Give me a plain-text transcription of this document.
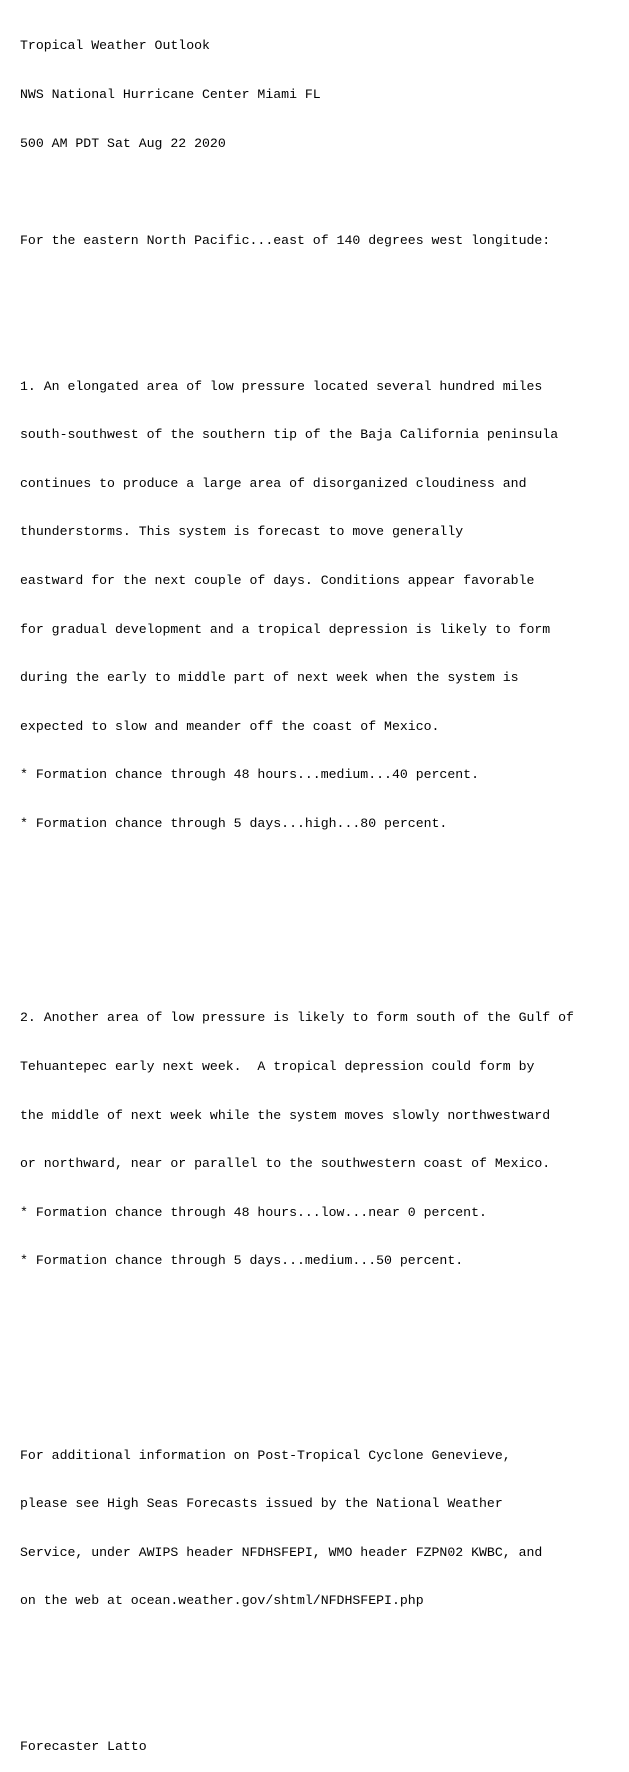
Tropical Weather Outlook

NWS National Hurricane Center Miami FL

500 AM PDT Sat Aug 22 2020

For the eastern North Pacific...east of 140 degrees west longitude:

1. An elongated area of low pressure located several hundred miles

south-southwest of the southern tip of the Baja California peninsula

continues to produce a large area of disorganized cloudiness and

thunderstorms. This system is forecast to move generally

eastward for the next couple of days. Conditions appear favorable

for gradual development and a tropical depression is likely to form

during the early to middle part of next week when the system is

expected to slow and meander off the coast of Mexico.

* Formation chance through 48 hours...medium...40 percent.

* Formation chance through 5 days...high...80 percent.

2. Another area of low pressure is likely to form south of the Gulf of

Tehuantepec early next week.  A tropical depression could form by

the middle of next week while the system moves slowly northwestward

or northward, near or parallel to the southwestern coast of Mexico.

* Formation chance through 48 hours...low...near 0 percent.

* Formation chance through 5 days...medium...50 percent.

For additional information on Post-Tropical Cyclone Genevieve,

please see High Seas Forecasts issued by the National Weather

Service, under AWIPS header NFDHSFEPI, WMO header FZPN02 KWBC, and

on the web at ocean.weather.gov/shtml/NFDHSFEPI.php

Forecaster Latto
